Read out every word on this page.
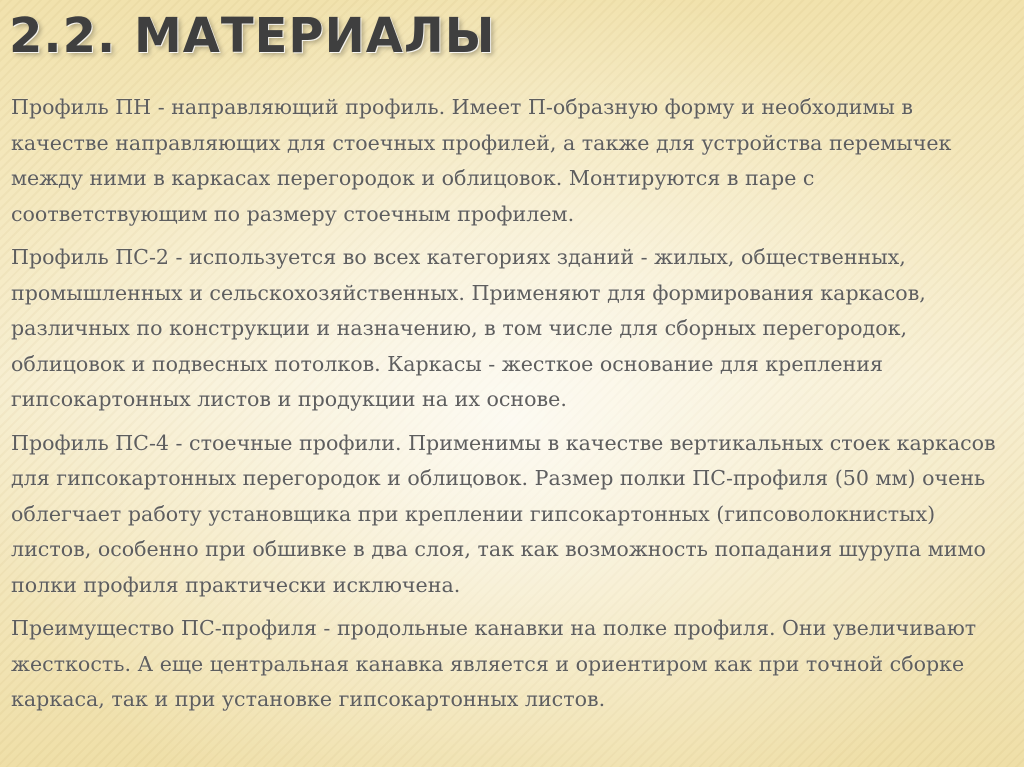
2.2. МАТЕРИАЛЫ

Профиль ПН - направляющий профиль. Имеет П-образную форму и необходимы в качестве направляющих для стоечных профилей, а также для устройства перемычек между ними в каркасах перегородок и облицовок. Монтируются в паре с соответствующим по размеру стоечным профилем.

Профиль ПС-2 - используется во всех категориях зданий - жилых, общественных, промышленных и сельскохозяйственных. Применяют для формирования каркасов, различных по конструкции и назначению, в том числе для сборных перегородок, облицовок и подвесных потолков. Каркасы - жесткое основание для крепления гипсокартонных листов и продукции на их основе.

Профиль ПС-4 - стоечные профили. Применимы в качестве вертикальных стоек каркасов для гипсокартонных перегородок и облицовок. Размер полки ПС-профиля (50 мм) очень облегчает работу установщика при креплении гипсокартонных (гипсоволокнистых) листов, особенно при обшивке в два слоя, так как возможность попадания шурупа мимо полки профиля практически исключена.

Преимущество ПС-профиля - продольные канавки на полке профиля. Они увеличивают жесткость. А еще центральная канавка является и ориентиром как при точной сборке каркаса, так и при установке гипсокартонных листов.
